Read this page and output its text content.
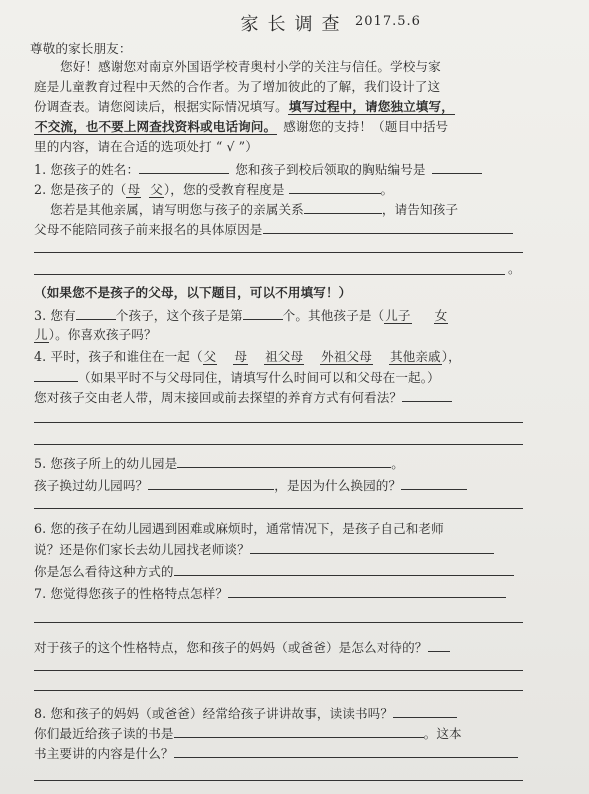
家长调查 2017.5.6
尊敬的家长朋友：
您好！感谢您对南京外国语学校青奥村小学的关注与信任。学校与家
庭是儿童教育过程中天然的合作者。为了增加彼此的了解，我们设计了这
份调查表。请您阅读后，根据实际情况填写。填写过程中，请您独立填写，
不交流，也不要上网查找资料或电话询问。 感谢您的支持！（题目中括号
里的内容，请在合适的选项处打 “ √ ”）
1. 您孩子的姓名：	您和孩子到校后领取的胸贴编号是
2. 您是孩子的（母 父），您的受教育程度是	。
您若是其他亲属，请写明您与孩子的亲属关系	，请告知孩子
父母不能陪同孩子前来报名的具体原因是
。
（如果您不是孩子的父母，以下题目，可以不用填写！）
3. 您有	个孩子，这个孩子是第	个。其他孩子是（儿子 女
儿）。你喜欢孩子吗？
4. 平时，孩子和谁住在一起（父 母 祖父母 外祖父母 其他亲戚），
（如果平时不与父母同住，请填写什么时间可以和父母在一起。）
您对孩子交由老人带，周末接回或前去探望的养育方式有何看法？
5. 您孩子所上的幼儿园是	。
孩子换过幼儿园吗？	，是因为什么换园的？
6. 您的孩子在幼儿园遇到困难或麻烦时，通常情况下，是孩子自己和老师
说？还是你们家长去幼儿园找老师谈？
你是怎么看待这种方式的
7. 您觉得您孩子的性格特点怎样？
对于孩子的这个性格特点，您和孩子的妈妈（或爸爸）是怎么对待的？
8. 您和孩子的妈妈（或爸爸）经常给孩子讲讲故事，读读书吗？
你们最近给孩子读的书是	。这本
书主要讲的内容是什么？
